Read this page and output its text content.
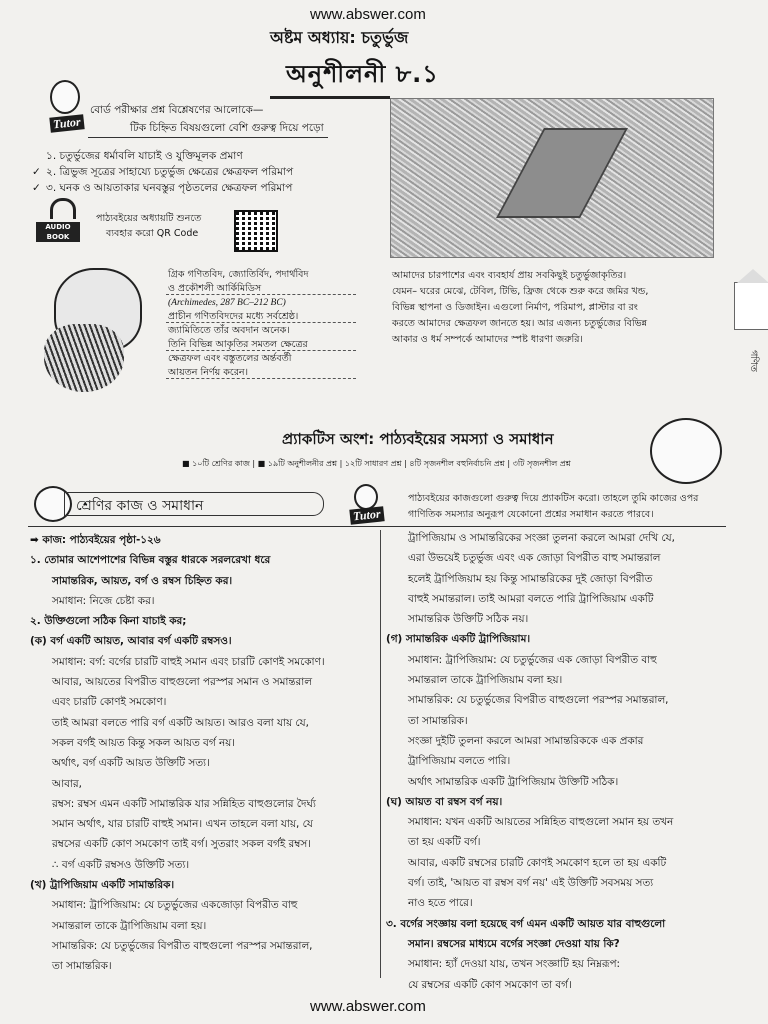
www.abswer.com
অষ্টম অধ্যায়: চতুর্ভুজ
অনুশীলনী ৮.১
Tutor
বোর্ড পরীক্ষার প্রশ্ন বিশ্লেষণের আলোকে—
টিক চিহ্নিত বিষয়গুলো বেশি গুরুত্ব দিয়ে পড়ো
১. চতুর্ভুজের ধর্মাবলি যাচাই ও যুক্তিমূলক প্রমাণ
✓ ২. ত্রিভুজ সূত্রের সাহায্যে চতুর্ভুজ ক্ষেত্রের ক্ষেত্রফল পরিমাপ
✓ ৩. ঘনক ও আয়তাকার ঘনবস্তুর পৃষ্ঠতলের ক্ষেত্রফল পরিমাপ
AUDIO BOOK
পাঠ্যবইয়ের অধ্যায়টি শুনতে
ব্যবহার করো QR Code
গ্রিক গণিতবিদ, জ্যোতির্বিদ, পদার্থবিদ
ও প্রকৌশলী আর্কিমিডিস
(Archimedes, 287 BC–212 BC)
প্রাচীন গণিতবিদদের মধ্যে সর্বশ্রেষ্ঠ।
জ্যামিতিতে তাঁর অবদান অনেক।
তিনি বিভিন্ন আকৃতির সমতল ক্ষেত্রের
ক্ষেত্রফল এবং বস্তুতলের অর্ন্তবর্তী
আয়তন নির্ণয় করেন।
আমাদের চারপাশের এবং ব্যবহার্য প্রায় সবকিছুই চতুর্ভুজাকৃতির।
যেমন– ঘরের মেঝে, টেবিল, টিভি, ফ্রিজ থেকে শুরু করে জমির খন্ড,
বিভিন্ন স্থাপনা ও ডিজাইন। এগুলো নির্মাণ, পরিমাপ, প্লাস্টার বা রং
করতে আমাদের ক্ষেত্রফল জানতে হয়। আর এজন্য চতুর্ভুজের বিভিন্ন
আকার ও ধর্ম সম্পর্কে আমাদের স্পষ্ট ধারণা জরুরি।
গণিত
প্র্যাকটিস অংশ: পাঠ্যবইয়ের সমস্যা ও সমাধান
■ ১০টি শ্রেণির কাজ | ■ ১৯টি অনুশীলনীর প্রশ্ন | ১২টি সাধারণ প্রশ্ন | ৪টি সৃজনশীল বহুনির্বাচনি প্রশ্ন | ৩টি সৃজনশীল প্রশ্ন
শ্রেণির কাজ ও সমাধান
Tutor
পাঠ্যবইয়ের কাজগুলো গুরুত্ব দিয়ে প্র্যাকটিস করো। তাহলে তুমি কাজের ওপর
গাণিতিক সমস্যার অনুরূপ যেকোনো প্রশ্নের সমাধান করতে পারবে।
➡ কাজ: পাঠ্যবইয়ের পৃষ্ঠা-১২৬
১. তোমার আশেপাশের বিভিন্ন বস্তুর ধারকে সরলরেখা ধরে
সামান্তরিক, আয়ত, বর্গ ও রম্বস চিহ্নিত কর।
সমাধান: নিজে চেষ্টা কর।
২. উক্তিগুলো সঠিক কিনা যাচাই কর;
(ক) বর্গ একটি আয়ত, আবার বর্গ একটি রম্বসও।
সমাধান: বর্গ: বর্গের চারটি বাহুই সমান এবং চারটি কোণই সমকোণ।
আবার, আয়তের বিপরীত বাহুগুলো পরস্পর সমান ও সমান্তরাল
এবং চারটি কোণই সমকোণ।
তাই আমরা বলতে পারি বর্গ একটি আয়ত। আরও বলা যায় যে,
সকল বর্গই আয়ত কিন্তু সকল আয়ত বর্গ নয়।
অর্থাৎ, বর্গ একটি আয়ত উক্তিটি সত্য।
আবার,
রম্বস: রম্বস এমন একটি সামান্তরিক যার সন্নিহিত বাহুগুলোর দৈর্ঘ্য
সমান অর্থাৎ, যার চারটি বাহুই সমান। এখন তাহলে বলা যায়, যে
রম্বসের একটি কোণ সমকোণ তাই বর্গ। সুতরাং সকল বর্গই রম্বস।
∴ বর্গ একটি রম্বসও উক্তিটি সত্য।
(খ) ট্রাপিজিয়াম একটি সামান্তরিক।
সমাধান: ট্রাপিজিয়াম: যে চতুর্ভুজের একজোড়া বিপরীত বাহু
সমান্তরাল তাকে ট্রাপিজিয়াম বলা হয়।
সামান্তরিক: যে চতুর্ভুজের বিপরীত বাহুগুলো পরস্পর সমান্তরাল,
তা সামান্তরিক।
ট্রাপিজিয়াম ও সামান্তরিকের সংজ্ঞা তুলনা করলে আমরা দেখি যে,
এরা উভয়েই চতুর্ভুজ এবং এক জোড়া বিপরীত বাহু সমান্তরাল
হলেই ট্রাপিজিয়াম হয় কিন্তু সামান্তরিকের দুই জোড়া বিপরীত
বাহুই সমান্তরাল। তাই আমরা বলতে পারি ট্রাপিজিয়াম একটি
সামান্তরিক উক্তিটি সঠিক নয়।
(গ) সামান্তরিক একটি ট্রাপিজিয়াম।
সমাধান: ট্রাপিজিয়াম: যে চতুর্ভুজের এক জোড়া বিপরীত বাহু
সমান্তরাল তাকে ট্রাপিজিয়াম বলা হয়।
সামান্তরিক: যে চতুর্ভুজের বিপরীত বাহুগুলো পরস্পর সমান্তরাল,
তা সামান্তরিক।
সংজ্ঞা দুইটি তুলনা করলে আমরা সামান্তরিককে এক প্রকার
ট্রাপিজিয়াম বলতে পারি।
অর্থাৎ সামান্তরিক একটি ট্রাপিজিয়াম উক্তিটি সঠিক।
(ঘ) আয়ত বা রম্বস বর্গ নয়।
সমাধান: যখন একটি আয়তের সন্নিহিত বাহুগুলো সমান হয় তখন
তা হয় একটি বর্গ।
আবার, একটি রম্বসের চারটি কোণই সমকোণ হলে তা হয় একটি
বর্গ। তাই, 'আয়ত বা রম্বস বর্গ নয়' এই উক্তিটি সবসময় সত্য
নাও হতে পারে।
৩. বর্গের সংজ্ঞায় বলা হয়েছে বর্গ এমন একটি আয়ত যার বাহুগুলো
সমান। রম্বসের মাধ্যমে বর্গের সংজ্ঞা দেওয়া যায় কি?
সমাধান: হ্যাঁ দেওয়া যায়, তখন সংজ্ঞাটি হয় নিম্নরূপ:
যে রম্বসের একটি কোণ সমকোণ তা বর্গ।
www.abswer.com
